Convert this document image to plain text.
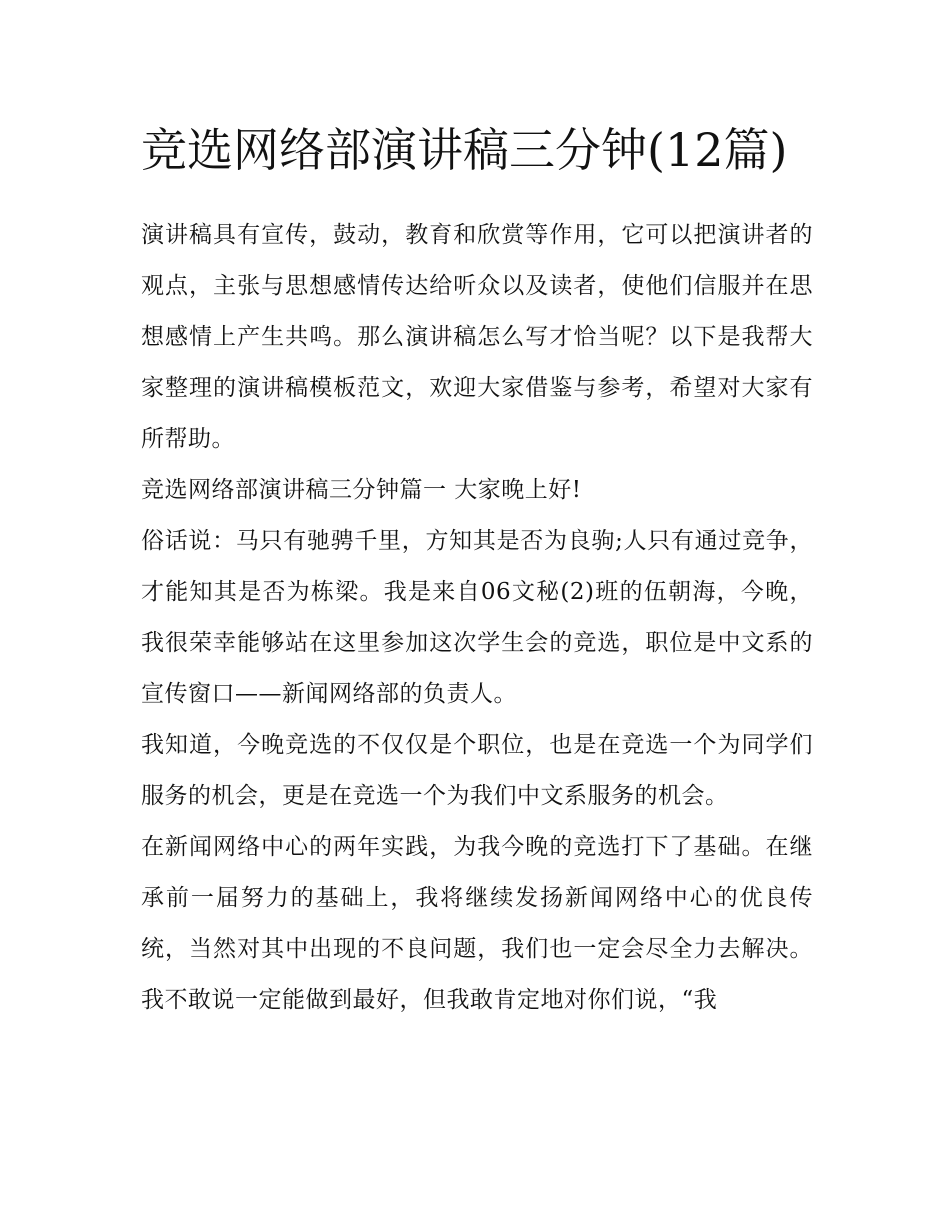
竞选网络部演讲稿三分钟(12篇)

演讲稿具有宣传，鼓动，教育和欣赏等作用，它可以把演讲者的观点，主张与思想感情传达给听众以及读者，使他们信服并在思想感情上产生共鸣。那么演讲稿怎么写才恰当呢？以下是我帮大家整理的演讲稿模板范文，欢迎大家借鉴与参考，希望对大家有所帮助。

竞选网络部演讲稿三分钟篇一 大家晚上好!

俗话说：马只有驰骋千里，方知其是否为良驹;人只有通过竞争，才能知其是否为栋梁。我是来自06文秘(2)班的伍朝海，今晚，我很荣幸能够站在这里参加这次学生会的竞选，职位是中文系的宣传窗口——新闻网络部的负责人。

我知道，今晚竞选的不仅仅是个职位，也是在竞选一个为同学们服务的机会，更是在竞选一个为我们中文系服务的机会。

在新闻网络中心的两年实践，为我今晚的竞选打下了基础。在继承前一届努力的基础上，我将继续发扬新闻网络中心的优良传统，当然对其中出现的不良问题，我们也一定会尽全力去解决。我不敢说一定能做到最好，但我敢肯定地对你们说，“我
